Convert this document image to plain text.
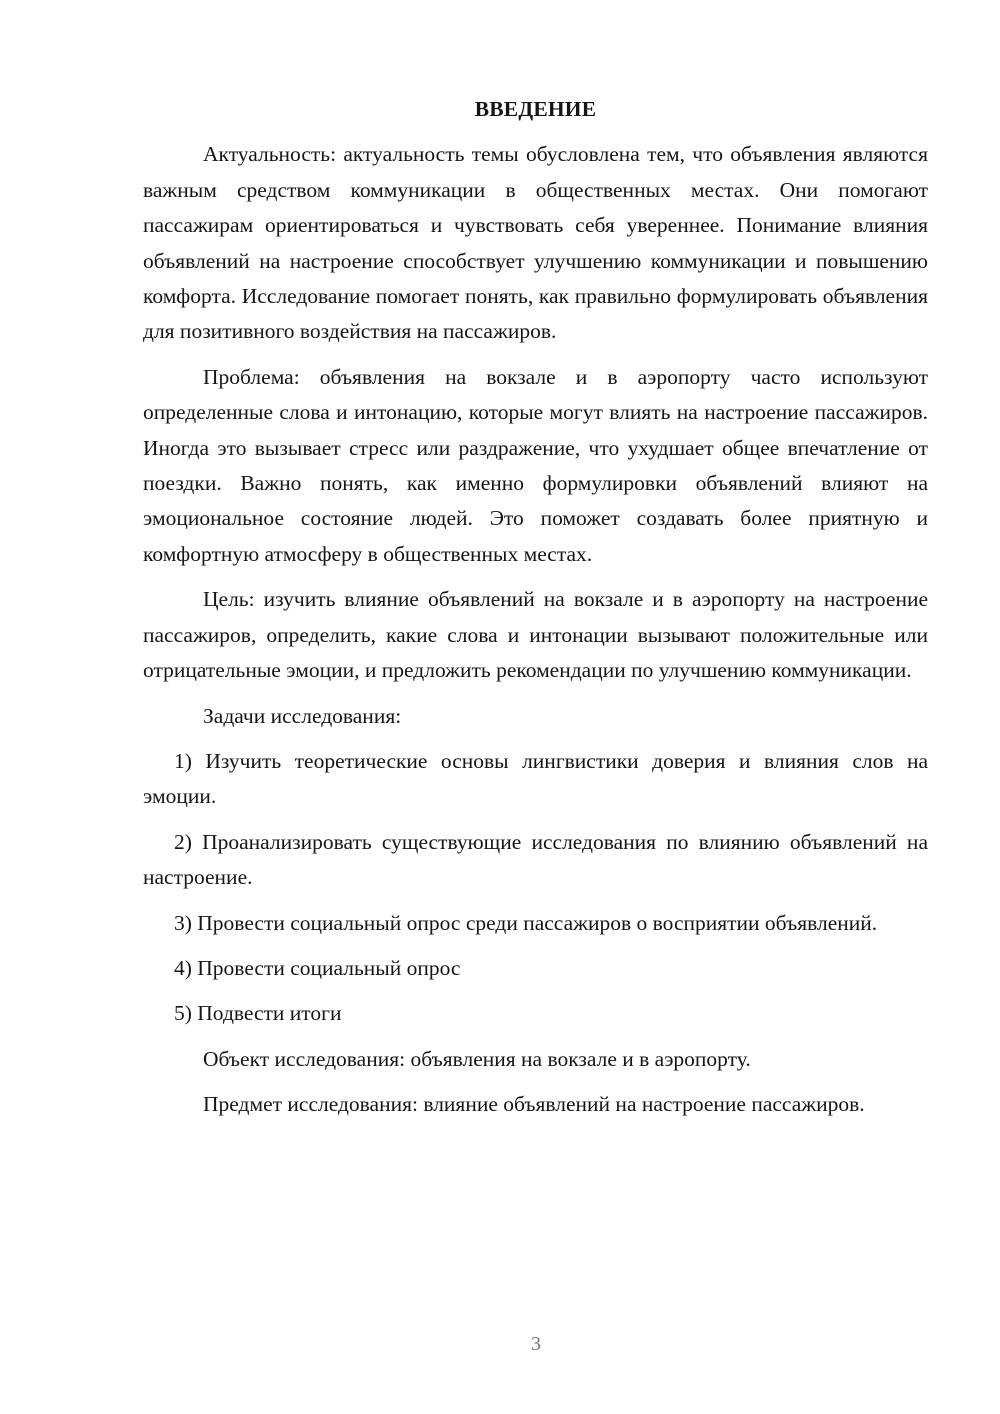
ВВЕДЕНИЕ

Актуальность: актуальность темы обусловлена тем, что объявления являются важным средством коммуникации в общественных местах. Они помогают пассажирам ориентироваться и чувствовать себя увереннее. Понимание влияния объявлений на настроение способствует улучшению коммуникации и повышению комфорта. Исследование помогает понять, как правильно формулировать объявления для позитивного воздействия на пассажиров.

Проблема: объявления на вокзале и в аэропорту часто используют определенные слова и интонацию, которые могут влиять на настроение пассажиров. Иногда это вызывает стресс или раздражение, что ухудшает общее впечатление от поездки. Важно понять, как именно формулировки объявлений влияют на эмоциональное состояние людей. Это поможет создавать более приятную и комфортную атмосферу в общественных местах.

Цель: изучить влияние объявлений на вокзале и в аэропорту на настроение пассажиров, определить, какие слова и интонации вызывают положительные или отрицательные эмоции, и предложить рекомендации по улучшению коммуникации.

Задачи исследования:

1) Изучить теоретические основы лингвистики доверия и влияния слов на эмоции.

2) Проанализировать существующие исследования по влиянию объявлений на настроение.

3) Провести социальный опрос среди пассажиров о восприятии объявлений.

4) Провести социальный опрос

5) Подвести итоги

Объект исследования: объявления на вокзале и в аэропорту.

Предмет исследования: влияние объявлений на настроение пассажиров.

3
